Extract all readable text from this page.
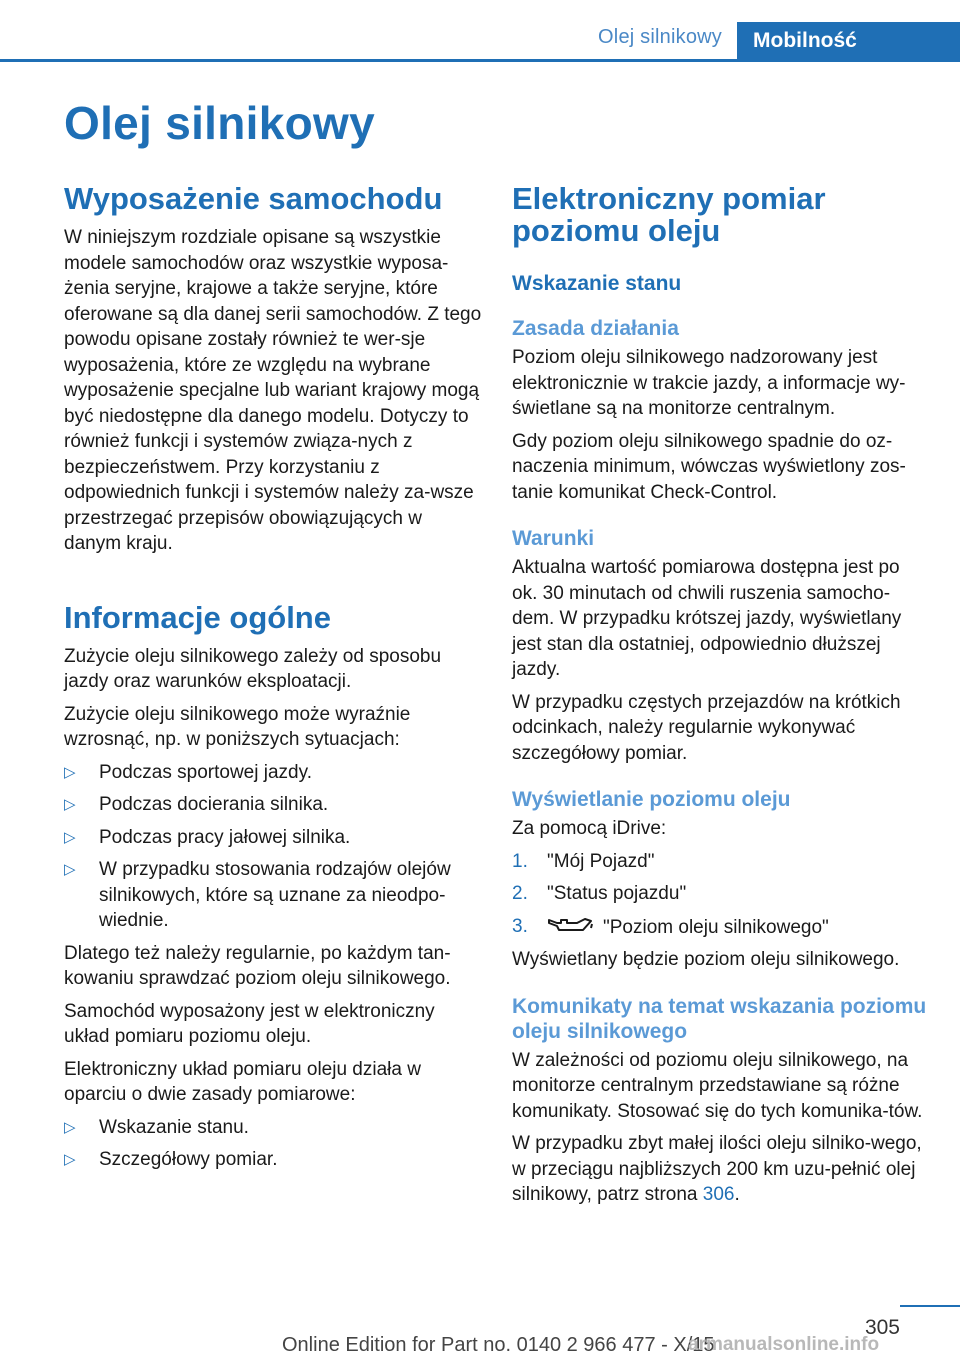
Olej silnikowy	Mobilność
Olej silnikowy
Wyposażenie samochodu

W niniejszym rozdziale opisane są wszystkie modele samochodów oraz wszystkie wyposa‐żenia seryjne, krajowe a także seryjne, które oferowane są dla danej serii samochodów. Z tego powodu opisane zostały również te wer‐sje wyposażenia, które ze względu na wybrane wyposażenie specjalne lub wariant krajowy mogą być niedostępne dla danego modelu. Dotyczy to również funkcji i systemów związa‐nych z bezpieczeństwem. Przy korzystaniu z odpowiednich funkcji i systemów należy za‐wsze przestrzegać przepisów obowiązujących w danym kraju.

Informacje ogólne

Zużycie oleju silnikowego zależy od sposobu jazdy oraz warunków eksploatacji.

Zużycie oleju silnikowego może wyraźnie wzrosnąć, np. w poniższych sytuacjach:

▷ Podczas sportowej jazdy.
▷ Podczas docierania silnika.
▷ Podczas pracy jałowej silnika.
▷ W przypadku stosowania rodzajów olejów silnikowych, które są uznane za nieodpo‐wiednie.

Dlatego też należy regularnie, po każdym tan‐kowaniu sprawdzać poziom oleju silnikowego.

Samochód wyposażony jest w elektroniczny układ pomiaru poziomu oleju.

Elektroniczny układ pomiaru oleju działa w oparciu o dwie zasady pomiarowe:

▷ Wskazanie stanu.
▷ Szczegółowy pomiar.
Elektroniczny pomiar poziomu oleju
Wskazanie stanu
Zasada działania

Poziom oleju silnikowego nadzorowany jest elektronicznie w trakcie jazdy, a informacje wy‐świetlane są na monitorze centralnym.

Gdy poziom oleju silnikowego spadnie do oz‐naczenia minimum, wówczas wyświetlony zos‐tanie komunikat Check-Control.

Warunki

Aktualna wartość pomiarowa dostępna jest po ok. 30 minutach od chwili ruszenia samocho‐dem. W przypadku krótszej jazdy, wyświetlany jest stan dla ostatniej, odpowiednio dłuższej jazdy.

W przypadku częstych przejazdów na krótkich odcinkach, należy regularnie wykonywać szczegółowy pomiar.

Wyświetlanie poziomu oleju

Za pomocą iDrive:

1. "Mój Pojazd"
2. "Status pojazdu"
3.	"Poziom oleju silnikowego"

Wyświetlany będzie poziom oleju silnikowego.

Komunikaty na temat wskazania poziomu oleju silnikowego

W zależności od poziomu oleju silnikowego, na monitorze centralnym przedstawiane są różne komunikaty. Stosować się do tych komunika‐tów.

W przypadku zbyt małej ilości oleju silniko‐wego, w przeciągu najbliższych 200 km uzu‐pełnić olej silnikowy, patrz strona 306.

305
Online Edition for Part no. 0140 2 966 477 - X/15
armanualsonline.info
